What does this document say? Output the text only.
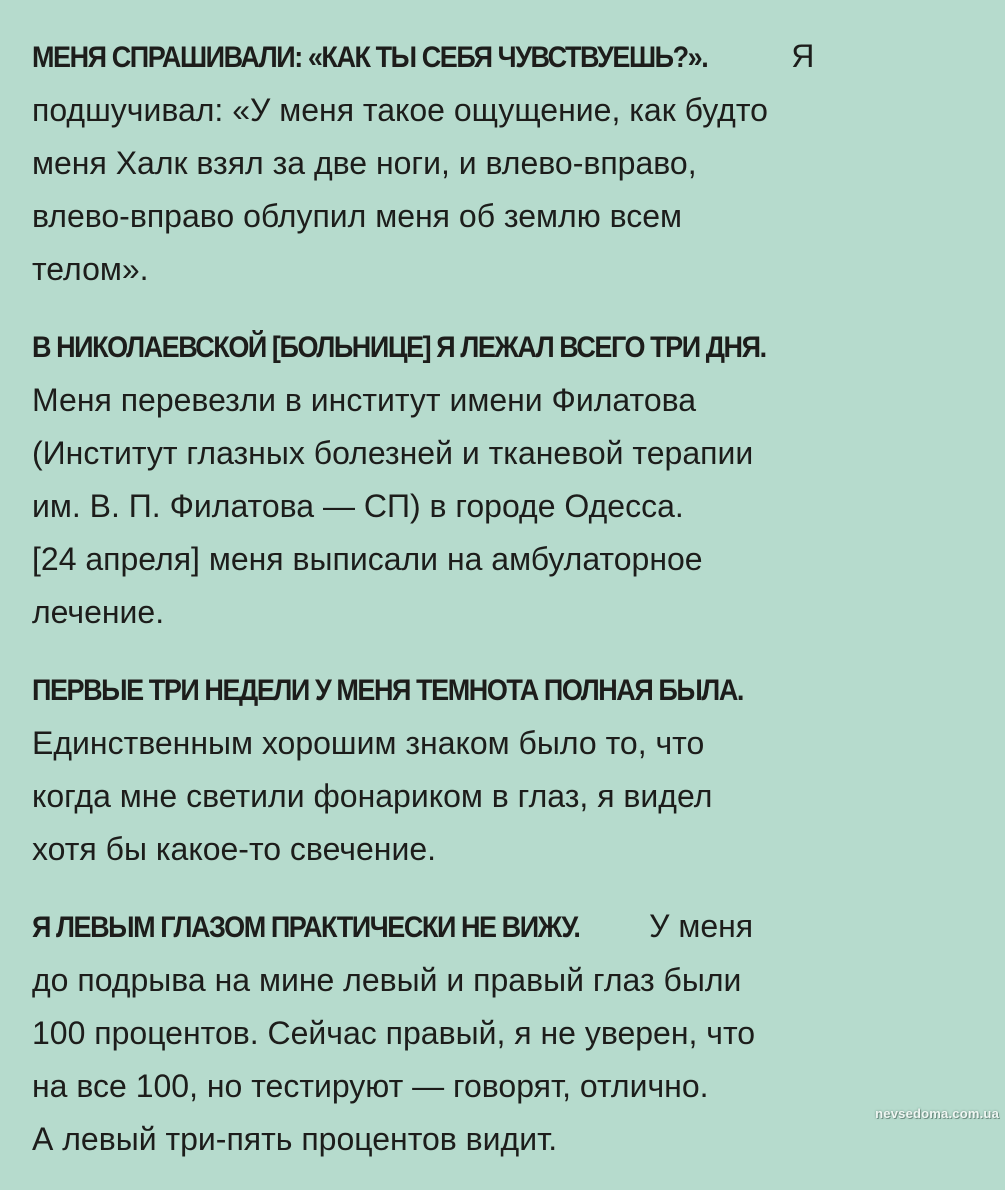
МЕНЯ СПРАШИВАЛИ: «КАК ТЫ СЕБЯ ЧУВСТВУЕШЬ?». Я
подшучивал: «У меня такое ощущение, как будто
меня Халк взял за две ноги, и влево-вправо,
влево-вправо облупил меня об землю всем
телом».

В НИКОЛАЕВСКОЙ [БОЛЬНИЦЕ] Я ЛЕЖАЛ ВСЕГО ТРИ ДНЯ.
Меня перевезли в институт имени Филатова
(Институт глазных болезней и тканевой терапии
им. В. П. Филатова — СП) в городе Одесса.
[24 апреля] меня выписали на амбулаторное
лечение.

ПЕРВЫЕ ТРИ НЕДЕЛИ У МЕНЯ ТЕМНОТА ПОЛНАЯ БЫЛА.
Единственным хорошим знаком было то, что
когда мне светили фонариком в глаз, я видел
хотя бы какое-то свечение.

Я ЛЕВЫМ ГЛАЗОМ ПРАКТИЧЕСКИ НЕ ВИЖУ. У меня
до подрыва на мине левый и правый глаз были
100 процентов. Сейчас правый, я не уверен, что
на все 100, но тестируют — говорят, отлично.
А левый три-пять процентов видит.

nevsedoma.com.ua
